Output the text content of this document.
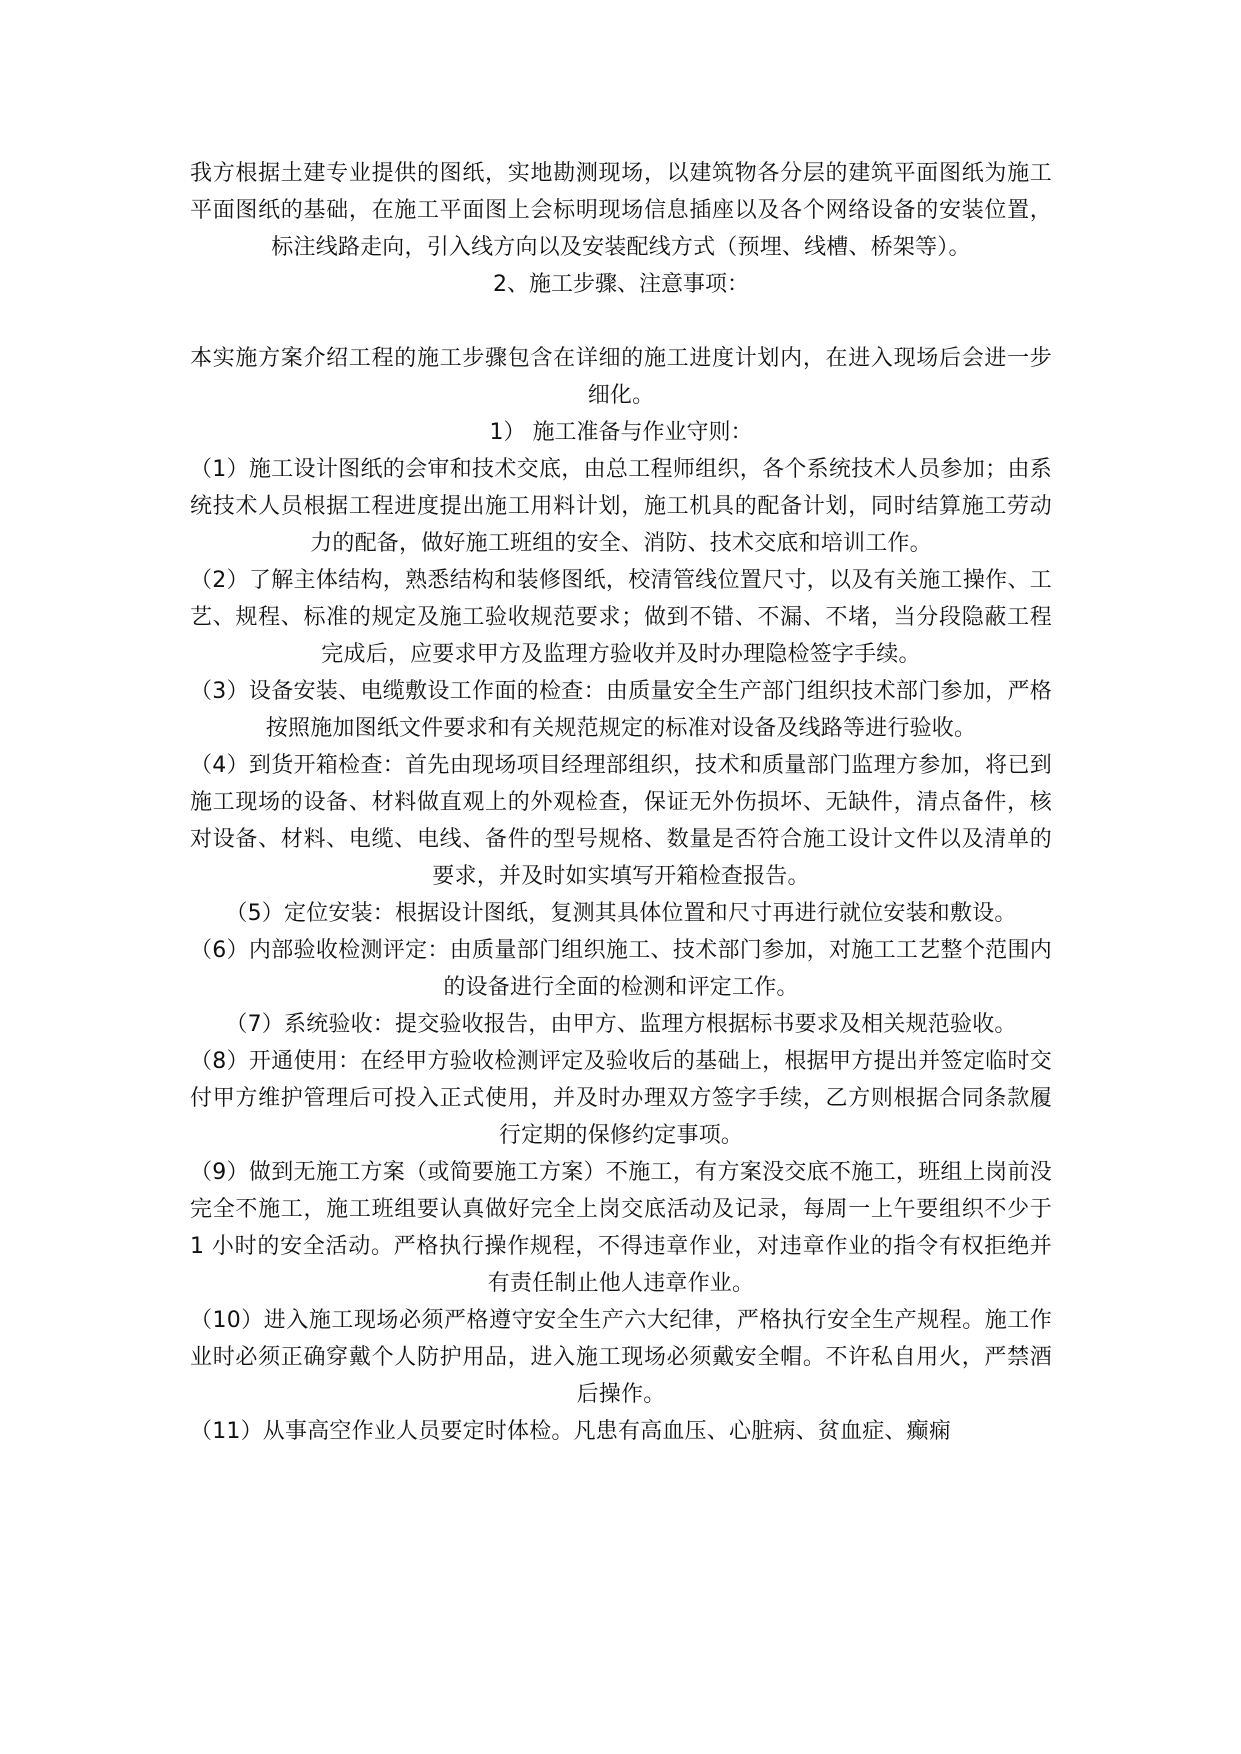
我方根据土建专业提供的图纸，实地勘测现场，以建筑物各分层的建筑平面图纸为施工平面图纸的基础，在施工平面图上会标明现场信息插座以及各个网络设备的安装位置，标注线路走向，引入线方向以及安装配线方式（预埋、线槽、桥架等）。

2、施工步骤、注意事项：

本实施方案介绍工程的施工步骤包含在详细的施工进度计划内，在进入现场后会进一步细化。

1） 施工准备与作业守则：

（1）施工设计图纸的会审和技术交底，由总工程师组织，各个系统技术人员参加；由系统技术人员根据工程进度提出施工用料计划，施工机具的配备计划，同时结算施工劳动力的配备，做好施工班组的安全、消防、技术交底和培训工作。

（2）了解主体结构，熟悉结构和装修图纸，校清管线位置尺寸，以及有关施工操作、工艺、规程、标准的规定及施工验收规范要求；做到不错、不漏、不堵，当分段隐蔽工程完成后，应要求甲方及监理方验收并及时办理隐检签字手续。

（3）设备安装、电缆敷设工作面的检查：由质量安全生产部门组织技术部门参加，严格按照施加图纸文件要求和有关规范规定的标准对设备及线路等进行验收。

（4）到货开箱检查：首先由现场项目经理部组织，技术和质量部门监理方参加，将已到施工现场的设备、材料做直观上的外观检查，保证无外伤损坏、无缺件，清点备件，核对设备、材料、电缆、电线、备件的型号规格、数量是否符合施工设计文件以及清单的要求，并及时如实填写开箱检查报告。

（5）定位安装：根据设计图纸，复测其具体位置和尺寸再进行就位安装和敷设。

（6）内部验收检测评定：由质量部门组织施工、技术部门参加，对施工工艺整个范围内的设备进行全面的检测和评定工作。

（7）系统验收：提交验收报告，由甲方、监理方根据标书要求及相关规范验收。

（8）开通使用：在经甲方验收检测评定及验收后的基础上，根据甲方提出并签定临时交付甲方维护管理后可投入正式使用，并及时办理双方签字手续，乙方则根据合同条款履行定期的保修约定事项。

（9）做到无施工方案（或简要施工方案）不施工，有方案没交底不施工，班组上岗前没完全不施工，施工班组要认真做好完全上岗交底活动及记录，每周一上午要组织不少于 1 小时的安全活动。严格执行操作规程，不得违章作业，对违章作业的指令有权拒绝并有责任制止他人违章作业。

（10）进入施工现场必须严格遵守安全生产六大纪律，严格执行安全生产规程。施工作业时必须正确穿戴个人防护用品，进入施工现场必须戴安全帽。不许私自用火，严禁酒后操作。

（11）从事高空作业人员要定时体检。凡患有高血压、心脏病、贫血症、癫痫
